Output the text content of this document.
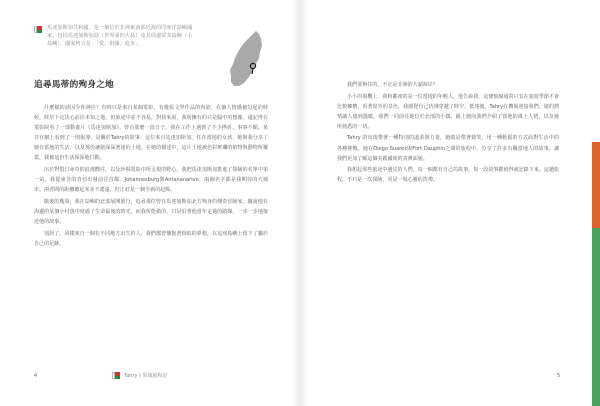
馬達加斯加共和國，是一個位於非洲東南部近海的印度洋島嶼國家，包括馬達加斯加島（世界第四大島）及其周邊眾多島嶼（小島嶼），國家格言是：「愛、祖國、進步」。

追尋馬蒂的殉身之地

什麼樣的誘因令你神往？有時只是來自某個電影，有幾張文學作品的內欲，在個人情感被勾起的時候，終於下定決心前往未知之地。但旅途中並不容易，對我來說，我所擁有的只是腦中的想像。還記得在電影院看了一部動畫片《馬達加斯加》。曾有那麼一段日子，我在工作上遇到了不少挫折，事事不順。某日在網上看到了一則報導，是關於Tahry的故事：這位來自馬達加斯加、住在當地的女孩，她與我分享了她在當地的生活，以及那份讓她深深著迷的土地。在她的描述中，這片土地被色彩斑斕的植物與動物所覆蓋，我被這份生活深深地打動。

出於對惜日尋奇的浪漫嚮往，以及珍視電影中所呈現的野心，我把馬達加斯加排進了探險的名單中第一站。我從東非的肯亞出發前往首都，Johannesburg與Antananarivo，兩個名字都是我期待的大城市。兩者間的距離聽起來並不遙遠，但正好是一個全新的起點。

隨後的幾周，我在島嶼的北部展開旅行，追尋那位曾在馬達加斯加北方殉身的傳奇冒險家。據說他在海邊的某個小村落中度過了生命最後的時光，而我所能做的，只是沿著他當年走過的路線，一步一步地接近他的故事。

別誤了，同樣來自一個在不同地方出生的人，我們都曾懷抱著相似的夢想，在這座島嶼上留下了屬於自己的足跡。

4	Tahry | 異域旅程記

我們要夠住的，不正是非洲的大湖海岸？

小小的飛機上，我和鄰座的是一位當地的年輕人，他告訴我，這條航線通常只有在旅遊季節才會比較擁擠。看著窗外的景色，我感覺自己彷彿穿越了時空。抵達後，Tahry在機場迎接我們，她的熱情讓人感到溫暖。我們一同前往她位於北部的小鎮，路上她向我們介紹了當地的風土人情，以及她所熟悉的一切。

Tahry 的出現帶著一種特別的溫柔與力量，她總是帶著微笑，用一種輕鬆的方式面對生活中的各種挑戰。她在Diego Suarez與Fort Dauphin之間的旅程中，分享了許多有關當地人的故事，讓我們更加了解這個美麗國度的真實面貌。

我想起那些旅途中遇見的人們，每一個都有自己的故事，每一段故事都值得被記錄下來。這趟旅程，不只是一次探險，更是一場心靈的洗禮。

5
